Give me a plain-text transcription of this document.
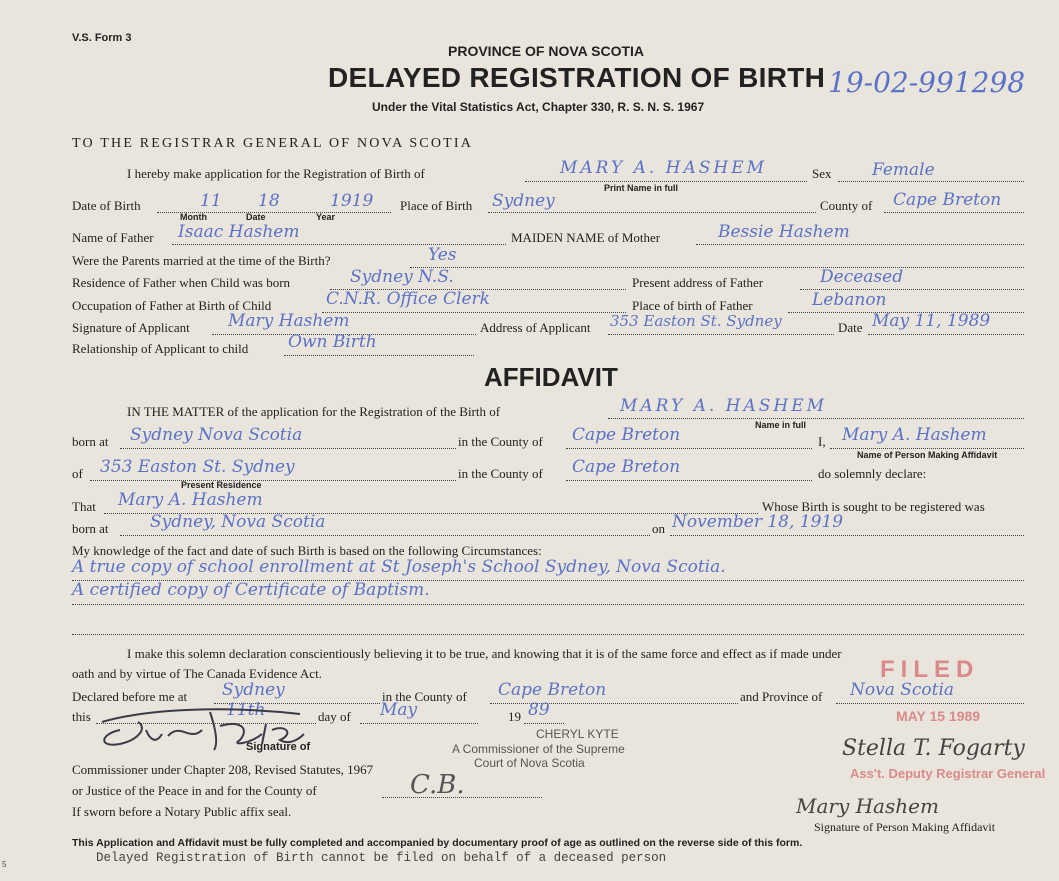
V.S. Form 3
PROVINCE OF NOVA SCOTIA
DELAYED REGISTRATION OF BIRTH 19-02-991298
Under the Vital Statistics Act, Chapter 330, R. S. N. S. 1967
TO THE REGISTRAR GENERAL OF NOVA SCOTIA
I hereby make application for the Registration of Birth of	MARY A. HASHEM
Print Name in full
Sex Female
Date of Birth	11 18	1919
Month	Date	Year
Place of Birth Sydney	County of Cape Breton
Name of Father Isaac Hashem	MAIDEN NAME of Mother	Bessie Hashem
Were the Parents married at the time of the Birth?	Yes
Residence of Father when Child was born	Sydney N.S.	Present address of Father	Deceased
Occupation of Father at Birth of Child	C.N.R. Office Clerk	Place of birth of Father	Lebanon
Signature of Applicant Mary Hashem	Address of Applicant 353 Easton St. Sydney	Date May 11, 1989
Relationship of Applicant to child Own Birth
AFFIDAVIT
IN THE MATTER of the application for the Registration of the Birth of	MARY A. HASHEM
Name in full
born at Sydney Nova Scotia	in the County of Cape Breton	I, Mary A. Hashem
Name of Person Making Affidavit
of 353 Easton St. Sydney
Present Residence
in the County of Cape Breton	do solemnly declare:
That Mary A. Hashem	Whose Birth is sought to be registered was
born at Sydney, Nova Scotia	on November 18, 1919
My knowledge of the fact and date of such Birth is based on the following Circumstances:
A true copy of school enrollment at St Joseph's School Sydney, Nova Scotia.
A certified copy of Certificate of Baptism.
I make this solemn declaration conscientiously believing it to be true, and knowing that it is of the same force and effect as if made under
oath and by virtue of The Canada Evidence Act.
Declared before me at Sydney	in the County of Cape Breton	and Province of Nova Scotia
this	11th	day of May	19 89
CHERYL KYTE
Signature of	A Commissioner of the Supreme
Court of Nova Scotia
Commissioner under Chapter 208, Revised Statutes, 1967
or Justice of the Peace in and for the County of	C.B.
If sworn before a Notary Public affix seal.
FILED
MAY 15 1989
Stella T. Fogarty
Ass't. Deputy Registrar General
Mary Hashem
Signature of Person Making Affidavit
This Application and Affidavit must be fully completed and accompanied by documentary proof of age as outlined on the reverse side of this form.
Delayed Registration of Birth cannot be filed on behalf of a deceased person
5
